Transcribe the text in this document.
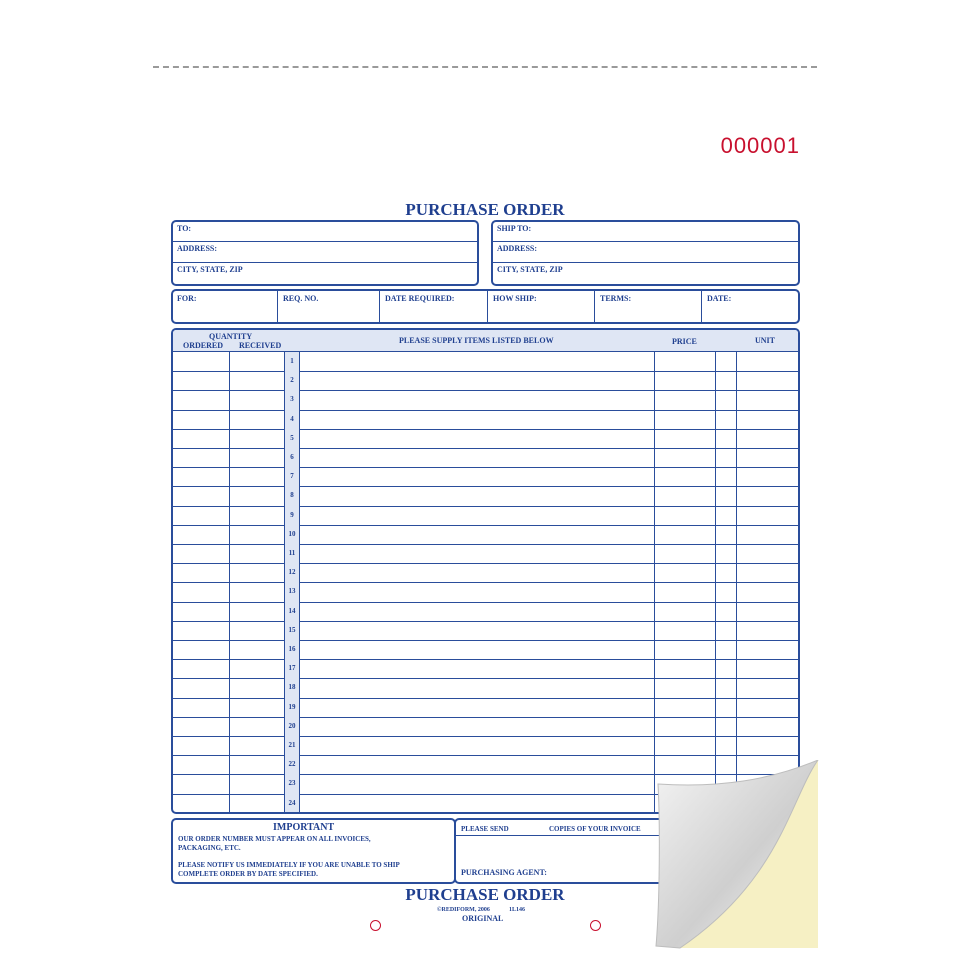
000001
PURCHASE ORDER
TO:
ADDRESS:
CITY, STATE, ZIP
SHIP TO:
ADDRESS:
CITY, STATE, ZIP
FOR:	REQ. NO.	DATE REQUIRED:	HOW SHIP:	TERMS:	DATE:
QUANTITY
ORDERED RECEIVED
PLEASE SUPPLY ITEMS LISTED BELOW	PRICE	UNIT
1
2
3
4
5
6
7
8
9
10
11
12
13
14
15
16
17
18
19
20
21
22
23
24
IMPORTANT
OUR ORDER NUMBER MUST APPEAR ON ALL INVOICES,
PACKAGING, ETC.
PLEASE NOTIFY US IMMEDIATELY IF YOU ARE UNABLE TO SHIP
COMPLETE ORDER BY DATE SPECIFIED.
PLEASE SEND	COPIES OF YOUR INVOICE
PURCHASING AGENT:
PURCHASE ORDER
©REDIFORM, 2006	1L146
ORIGINAL
